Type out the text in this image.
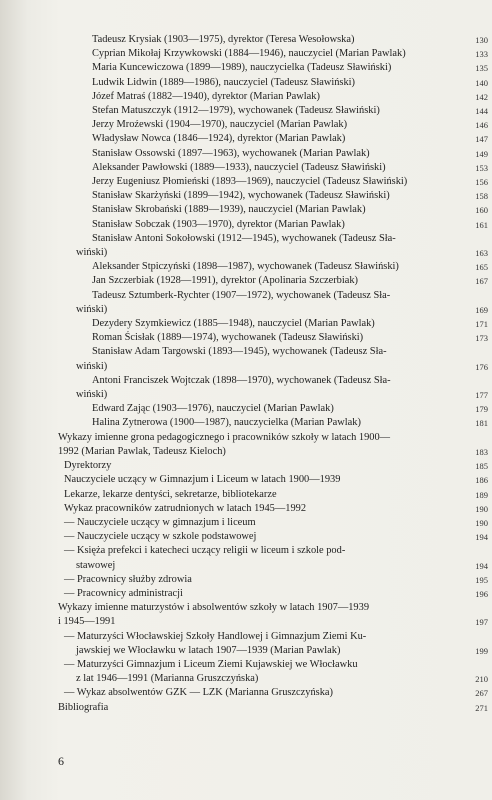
Tadeusz Krysiak (1903—1975), dyrektor (Teresa Wesołowska)	130
Cyprian Mikołaj Krzywkowski (1884—1946), nauczyciel (Marian Pawlak)	133
Maria Kuncewiczowa (1899—1989), nauczycielka (Tadeusz Sławiński)	135
Ludwik Lidwin (1889—1986), nauczyciel (Tadeusz Sławiński)	140
Józef Matraś (1882—1940), dyrektor (Marian Pawlak)	142
Stefan Matuszczyk (1912—1979), wychowanek (Tadeusz Sławiński)	144
Jerzy Mroźewski (1904—1970), nauczyciel (Marian Pawlak)	146
Władysław Nowca (1846—1924), dyrektor (Marian Pawlak)	147
Stanisław Ossowski (1897—1963), wychowanek (Marian Pawlak)	149
Aleksander Pawłowski (1889—1933), nauczyciel (Tadeusz Sławiński)	153
Jerzy Eugeniusz Płomieński (1893—1969), nauczyciel (Tadeusz Sławiński)	156
Stanisław Skarżyński (1899—1942), wychowanek (Tadeusz Sławiński)	158
Stanisław Skrobański (1889—1939), nauczyciel (Marian Pawlak)	160
Stanisław Sobczak (1903—1970), dyrektor (Marian Pawlak)	161
Stanisław Antoni Sokołowski (1912—1945), wychowanek (Tadeusz Sła-
wiński)	163
Aleksander Stpiczyński (1898—1987), wychowanek (Tadeusz Sławiński)	165
Jan Szczerbiak (1928—1991), dyrektor (Apolinaria Szczerbiak)	167
Tadeusz Sztumberk-Rychter (1907—1972), wychowanek (Tadeusz Sła-
wiński)	169
Dezydery Szymkiewicz (1885—1948), nauczyciel (Marian Pawlak)	171
Roman Ścisłak (1889—1974), wychowanek (Tadeusz Sławiński)	173
Stanisław Adam Targowski (1893—1945), wychowanek (Tadeusz Sła-
wiński)	176
Antoni Franciszek Wojtczak (1898—1970), wychowanek (Tadeusz Sła-
wiński)	177
Edward Zając (1903—1976), nauczyciel (Marian Pawlak)	179
Halina Zytnerowa (1900—1987), nauczycielka (Marian Pawlak)	181
Wykazy imienne grona pedagogicznego i pracowników szkoły w latach 1900—
1992 (Marian Pawlak, Tadeusz Kieloch)	183
Dyrektorzy	185
Nauczyciele uczący w Gimnazjum i Liceum w latach 1900—1939	186
Lekarze, lekarze dentyści, sekretarze, bibliotekarze	189
Wykaz pracowników zatrudnionych w latach 1945—1992	190
— Nauczyciele uczący w gimnazjum i liceum	190
— Nauczyciele uczący w szkole podstawowej	194
— Księża prefekci i katecheci uczący religii w liceum i szkole pod-
stawowej	194
— Pracownicy służby zdrowia	195
— Pracownicy administracji	196
Wykazy imienne maturzystów i absolwentów szkoły w latach 1907—1939
i 1945—1991	197
— Maturzyści Włocławskiej Szkoły Handlowej i Gimnazjum Ziemi Ku-
jawskiej we Włocławku w latach 1907—1939 (Marian Pawlak)	199
— Maturzyści Gimnazjum i Liceum Ziemi Kujawskiej we Włocławku
z lat 1946—1991 (Marianna Gruszczyńska)	210
— Wykaz absolwentów GZK — LZK (Marianna Gruszczyńska)	267
Bibliografia	271
6
